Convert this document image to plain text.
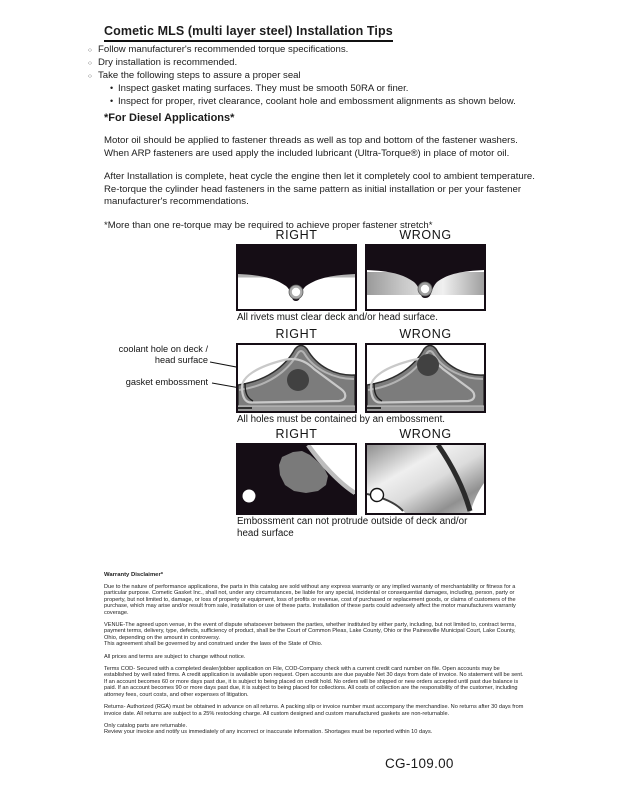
Cometic MLS (multi layer steel) Installation Tips
○ Follow manufacturer's recommended torque specifications.
○ Dry installation is recommended.
○ Take the following steps to assure a proper seal
• Inspect gasket mating surfaces. They must be smooth 50RA or finer.
• Inspect for proper, rivet clearance, coolant hole and embossment alignments as shown below.
*For Diesel Applications*

Motor oil should be applied to fastener threads as well as top and bottom of the fastener washers. When ARP fasteners are used apply the included lubricant (Ultra-Torque®) in place of motor oil.

After Installation is complete, heat cycle the engine then let it completely cool to ambient temperature. Re-torque the cylinder head fasteners in the same pattern as initial installation or per your fastener manufacturer's recommendations.

*More than one re-torque may be required to achieve proper fastener stretch*

RIGHT	WRONG
All rivets must clear deck and/or head surface.
RIGHT	WRONG
coolant hole on deck / head surface
gasket embossment
All holes must be contained by an embossment.
RIGHT	WRONG
Embossment can not protrude outside of deck and/or head surface
Warranty Disclaimer*

Due to the nature of performance applications, the parts in this catalog are sold without any express warranty or any implied warranty of merchantability or fitness for a particular purpose. Cometic Gasket Inc., shall not, under any circumstances, be liable for any special, incidental or consequential damages, including, person, party or property, but not limited to, damage, or loss of property or equipment, loss of profits or revenue, cost of purchased or replacement goods, or claims of customers of the purchase, which may arise and/or result from sale, installation or use of these parts. Installation of these parts could adversely affect the motor manufacturers warranty coverage.

VENUE-The agreed upon venue, in the event of dispute whatsoever between the parties, whether instituted by either party, including, but not limited to, contract terms, payment terms, delivery, type, defects, sufficiency of product, shall be the Court of Common Pleas, Lake County, Ohio or the Painesville Municipal Court, Lake County, Ohio, depending on the amount in controversy.

This agreement shall be governed by and construed under the laws of the State of Ohio.

All prices and terms are subject to change without notice.

Terms COD- Secured with a completed dealer/jobber application on File, COD-Company check with a current credit card number on file. Open accounts may be established by well rated firms. A credit application is available upon request. Open accounts are due payable Net 30 days from date of invoice. No statement will be sent. If an account becomes 60 or more days past due, it is subject to being placed on credit hold. No orders will be shipped or new orders accepted until past due balance is paid. If an account becomes 90 or more days past due, it is subject to being placed for collections. All costs of collection are the responsibility of the customer, including attorney fees, court costs, and other expenses of litigation.

Returns- Authorized (RGA) must be obtained in advance on all returns. A packing slip or invoice number must accompany the merchandise. No returns after 30 days from invoice date. All returns are subject to a 25% restocking charge. All custom designed and custom manufactured gaskets are non-returnable.

Only catalog parts are returnable.

Review your invoice and notify us immediately of any incorrect or inaccurate information. Shortages must be reported within 10 days.

CG-109.00
